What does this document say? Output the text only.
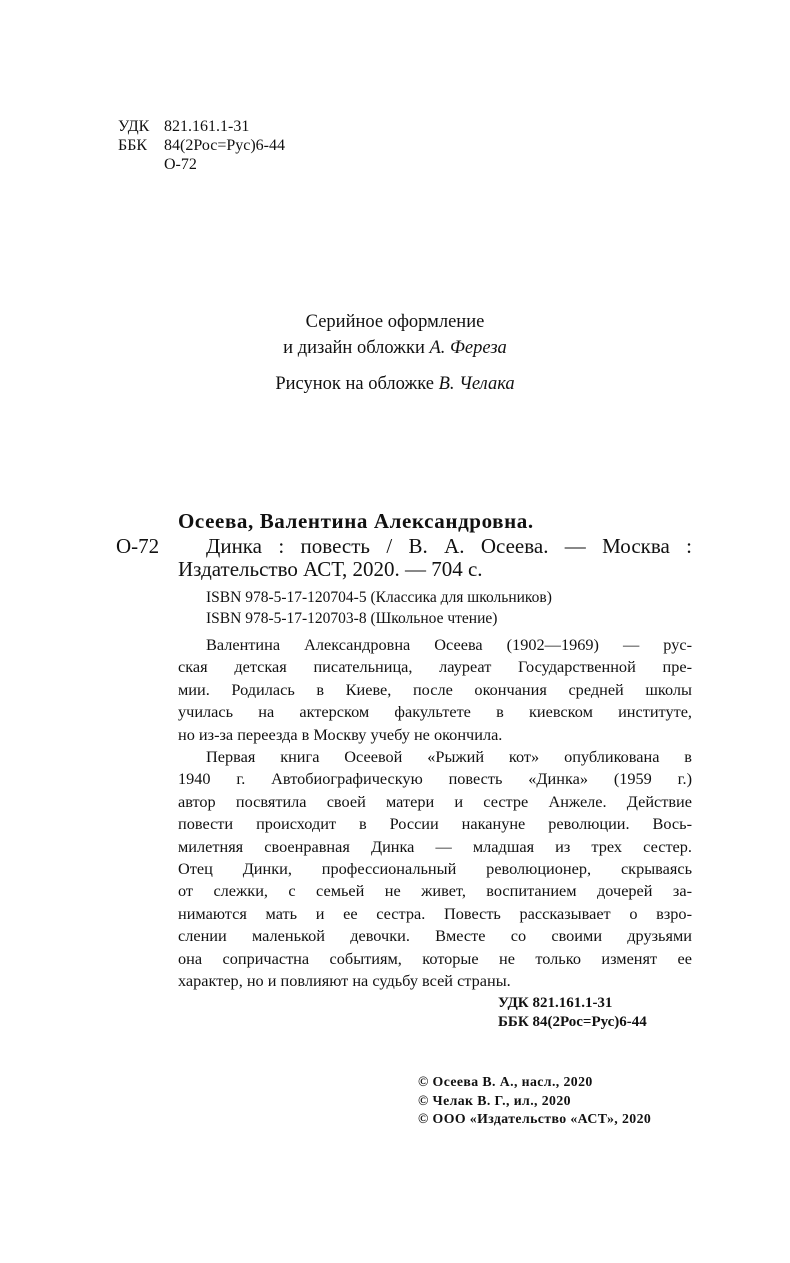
УДК 821.161.1-31
ББК 84(2Рос=Рус)6-44
О-72
Серийное оформление
и дизайн обложки А. Фереза
Рисунок на обложке В. Челака
Осеева, Валентина Александровна.
О-72 Динка : повесть / В. А. Осеева. — Москва :
Издательство АСТ, 2020. — 704 с.
ISBN 978-5-17-120704-5 (Классика для школьников)
ISBN 978-5-17-120703-8 (Школьное чтение)
Валентина Александровна Осеева (1902—1969) — рус-
ская детская писательница, лауреат Государственной пре-
мии. Родилась в Киеве, после окончания средней школы
училась на актерском факультете в киевском институте,
но из-за переезда в Москву учебу не окончила.
Первая книга Осеевой «Рыжий кот» опубликована в
1940 г. Автобиографическую повесть «Динка» (1959 г.)
автор посвятила своей матери и сестре Анжеле. Действие
повести происходит в России накануне революции. Вось-
милетняя своенравная Динка — младшая из трех сестер.
Отец Динки, профессиональный революционер, скрываясь
от слежки, с семьей не живет, воспитанием дочерей за-
нимаются мать и ее сестра. Повесть рассказывает о взро-
слении маленькой девочки. Вместе со своими друзьями
она сопричастна событиям, которые не только изменят ее
характер, но и повлияют на судьбу всей страны.
УДК 821.161.1-31
ББК 84(2Рос=Рус)6-44
© Осеева В. А., насл., 2020
© Челак В. Г., ил., 2020
© ООО «Издательство «АСТ», 2020
